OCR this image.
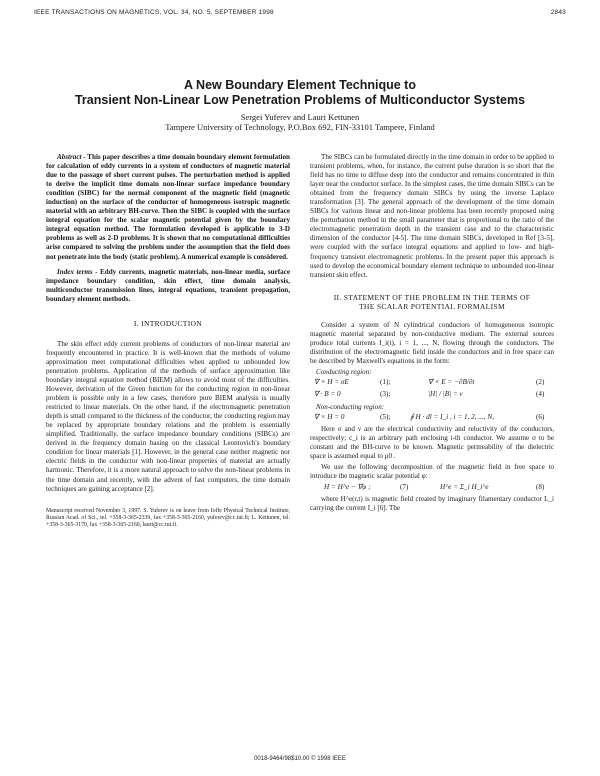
IEEE TRANSACTIONS ON MAGNETICS, VOL. 34, NO. 5, SEPTEMBER 1998	2843
A New Boundary Element Technique to
Transient Non-Linear Low Penetration Problems of Multiconductor Systems
Sergei Yuferev and Lauri Kettunen
Tampere University of Technology, P.O.Box 692, FIN-33101 Tampere, Finland

Abstract - This paper describes a time domain boundary element formulation for calculation of eddy currents in a system of conductors of magnetic material due to the passage of short current pulses. The perturbation method is applied to derive the implicit time domain non-linear surface impedance boundary condition (SIBC) for the normal component of the magnetic field (magnetic induction) on the surface of the conductor of homogeneous isotropic magnetic material with an arbitrary BH-curve. Then the SIBC is coupled with the surface integral equation for the scalar magnetic potential given by the boundary integral equation method. The formulation developed is applicable to 3-D problems as well as 2-D problems. It is shown that no computational difficulties arise compared to solving the problem under the assumption that the field does not penetrate into the body (static problem). A numerical example is considered.

Index terms - Eddy currents, magnetic materials, non-linear media, surface impedance boundary condition, skin effect, time domain analysis, multiconductor transmission lines, integral equations, transient propagation, boundary element methods.

I. INTRODUCTION

The skin effect eddy current problems of conductors of non-linear material are frequently encountered in practice. It is well-known that the methods of volume approximation meet computational difficulties when applied to unbounded low penetration problems. Application of the methods of surface approximation like boundary integral equation method (BIEM) allows to avoid most of the difficulties. However, derivation of the Green function for the conducting region in non-linear problem is possible only in a few cases, therefore pure BIEM analysis is usually restricted to linear materials. On the other hand, if the electromagnetic penetration depth is small compared to the thickness of the conductor, the conducting region may be replaced by appropriate boundary relations and the problem is essentially simplified. Traditionally, the surface impedance boundary conditions (SIBCs) are derived in the frequency domain basing on the classical Leontovich's boundary condition for linear materials [1]. However, in the general case neither magnetic nor electric fields in the conductor with non-linear properties of material are actually harmonic. Therefore, it is a more natural approach to solve the non-linear problems in the time domain and recently, with the advent of fast computers, the time domain techniques are gaining acceptance [2].

Manuscript received November 3, 1997. S. Yuferev is on leave from Ioffe Physical Technical Institute, Russian Acad. of Sci., tel. +358-3-365-2339, fax +358-3-365-2160, yuferev@cc.tut.fi; L. Kettunen, tel. +358-3-365-3170, fax +358-3-365-2160, lauri@cc.tut.fi.

The SIBCs can be formulated directly in the time domain in order to be applied to transient problems, when, for instance, the current pulse duration is so short that the field has no time to diffuse deep into the conductor and remains concentrated in thin layer near the conductor surface. In the simplest cases, the time domain SIBCs can be obtained from the frequency domain SIBCs by using the inverse Laplace transformation [3]. The general approach of the development of the time domain SIBCs for various linear and non-linear problems has been recently proposed using the perturbation method in the small parameter that is proportional to the ratio of the electromagnetic penetration depth in the transient case and to the characteristic dimension of the conductor [4-5]. The time domain SIBCs, developed in Ref [3-5], were coupled with the surface integral equations and applied to low- and high-frequency transient electromagnetic problems. In the present paper this approach is used to develop the economical boundary element technique to unbounded non-linear transient skin effect.

II. STATEMENT OF THE PROBLEM IN THE TERMS OF
THE SCALAR POTENTIAL FORMALISM

Consider a system of N cylindrical conductors of homogeneous isotropic magnetic material separated by non-conductive medium. The external sources produce total currents I_i(t), i = 1, ..., N, flowing through the conductors. The distribution of the electromagnetic field inside the conductors and in free space can be described by Maxwell's equations in the form:

Conducting region:
∇ × H = σE	(1);	∇ × E = −∂B/∂t	(2)
∇ · B = 0	(3);	|H| / |B| = ν	(4)
Non-conducting region:
∇ × H = 0	(5);	∮ H · dl = I_i , i = 1, 2, ..., N,	(6)

Here σ and ν are the electrical conductivity and reluctivity of the conductors, respectively; c_i is an arbitrary path enclosing i-th conductor. We assume σ to be constant and the BH-curve to be known. Magnetic permeability of the dielectric space is assumed equal to μ0 .

We use the following decomposition of the magnetic field in free space to introduce the magnetic scalar potential φ:

H = H^e − ∇φ ;	(7)	H^e = Σ_i H_i^e	(8)

where H^e(r,t) is magnetic field created by imaginary filamentary conductor L_i carrying the current I_i [6]. The

0018-9464/98$10.00 © 1998 IEEE
